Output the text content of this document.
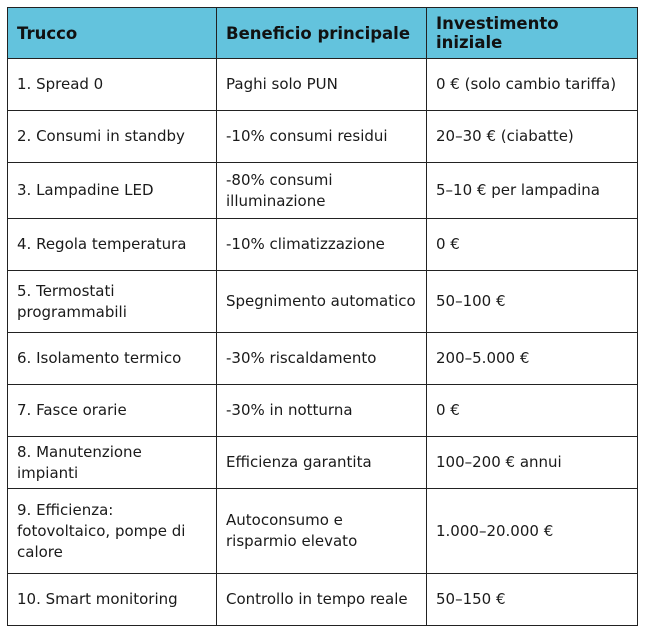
Trucco	Beneficio principale	Investimento iniziale
1. Spread 0	Paghi solo PUN	0 € (solo cambio tariffa)
2. Consumi in standby	-10% consumi residui	20–30 € (ciabatte)
3. Lampadine LED	-80% consumi illuminazione	5–10 € per lampadina
4. Regola temperatura	-10% climatizzazione	0 €
5. Termostati programmabili	Spegnimento automatico	50–100 €
6. Isolamento termico	-30% riscaldamento	200–5.000 €
7. Fasce orarie	-30% in notturna	0 €
8. Manutenzione impianti	Efficienza garantita	100–200 € annui
9. Efficienza: fotovoltaico, pompe di calore	Autoconsumo e risparmio elevato	1.000–20.000 €
10. Smart monitoring	Controllo in tempo reale	50–150 €
